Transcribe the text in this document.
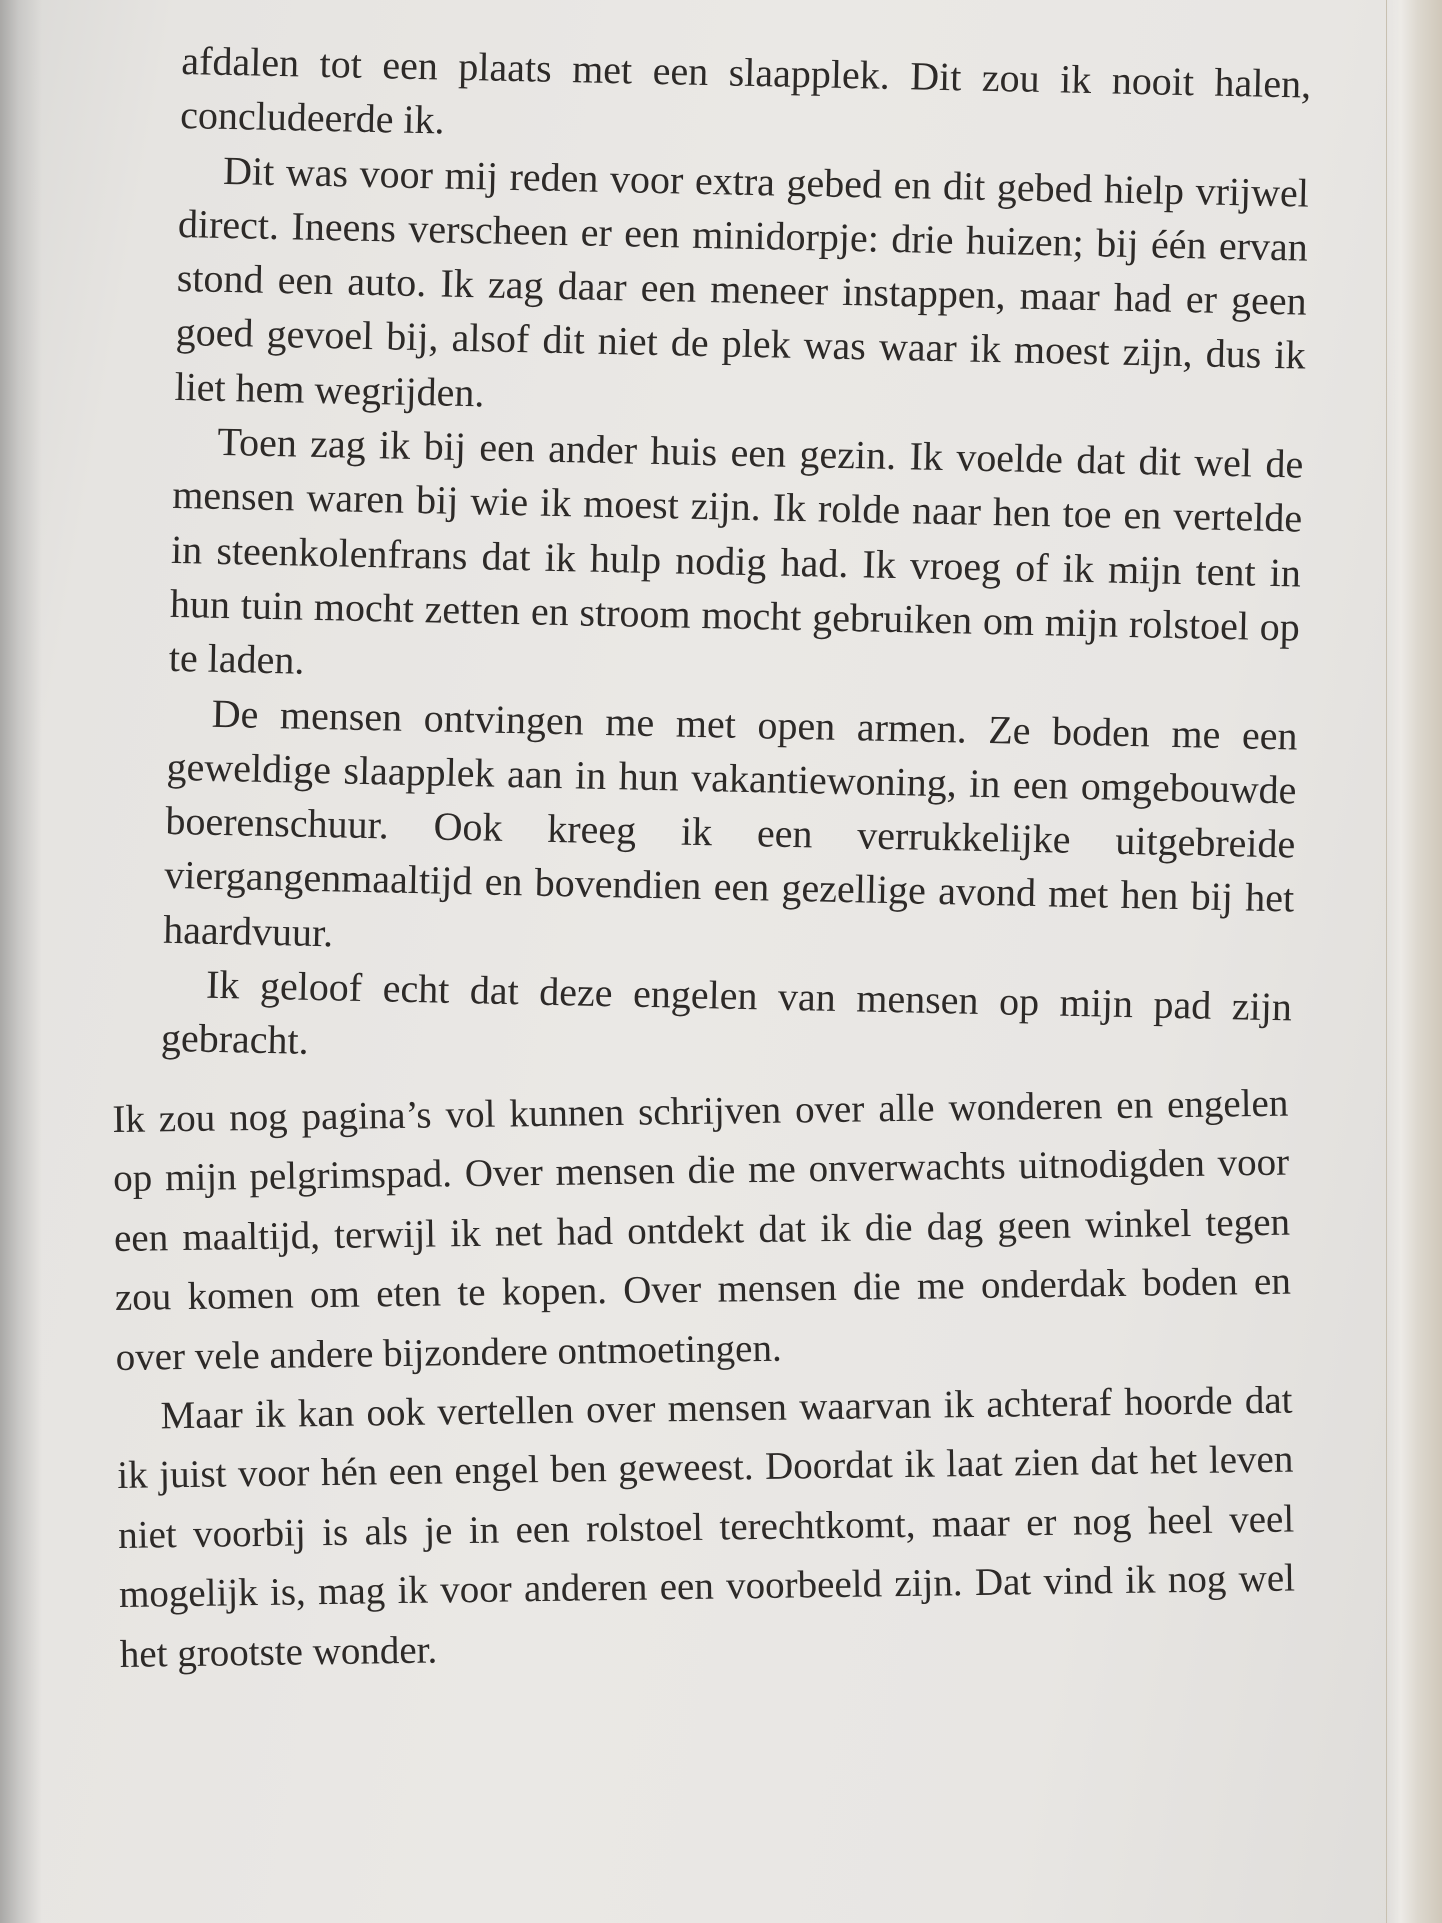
afdalen tot een plaats met een slaapplek. Dit zou ik nooit halen, concludeerde ik.

Dit was voor mij reden voor extra gebed en dit gebed hielp vrijwel direct. Ineens verscheen er een minidorpje: drie huizen; bij één ervan stond een auto. Ik zag daar een meneer instappen, maar had er geen goed gevoel bij, alsof dit niet de plek was waar ik moest zijn, dus ik liet hem wegrijden.

Toen zag ik bij een ander huis een gezin. Ik voelde dat dit wel de mensen waren bij wie ik moest zijn. Ik rolde naar hen toe en vertelde in steenkolenfrans dat ik hulp nodig had. Ik vroeg of ik mijn tent in hun tuin mocht zetten en stroom mocht gebruiken om mijn rolstoel op te laden.

De mensen ontvingen me met open armen. Ze boden me een geweldige slaapplek aan in hun vakantiewoning, in een omgebouwde boerenschuur. Ook kreeg ik een verrukkelijke uitgebreide viergangenmaaltijd en bovendien een gezellige avond met hen bij het haardvuur.

Ik geloof echt dat deze engelen van mensen op mijn pad zijn gebracht.

Ik zou nog pagina’s vol kunnen schrijven over alle wonderen en engelen op mijn pelgrimspad. Over mensen die me onverwachts uitnodigden voor een maaltijd, terwijl ik net had ontdekt dat ik die dag geen winkel tegen zou komen om eten te kopen. Over mensen die me onderdak boden en over vele andere bijzondere ontmoetingen.

Maar ik kan ook vertellen over mensen waarvan ik achteraf hoorde dat ik juist voor hén een engel ben geweest. Doordat ik laat zien dat het leven niet voorbij is als je in een rolstoel terechtkomt, maar er nog heel veel mogelijk is, mag ik voor anderen een voorbeeld zijn. Dat vind ik nog wel het grootste wonder.
